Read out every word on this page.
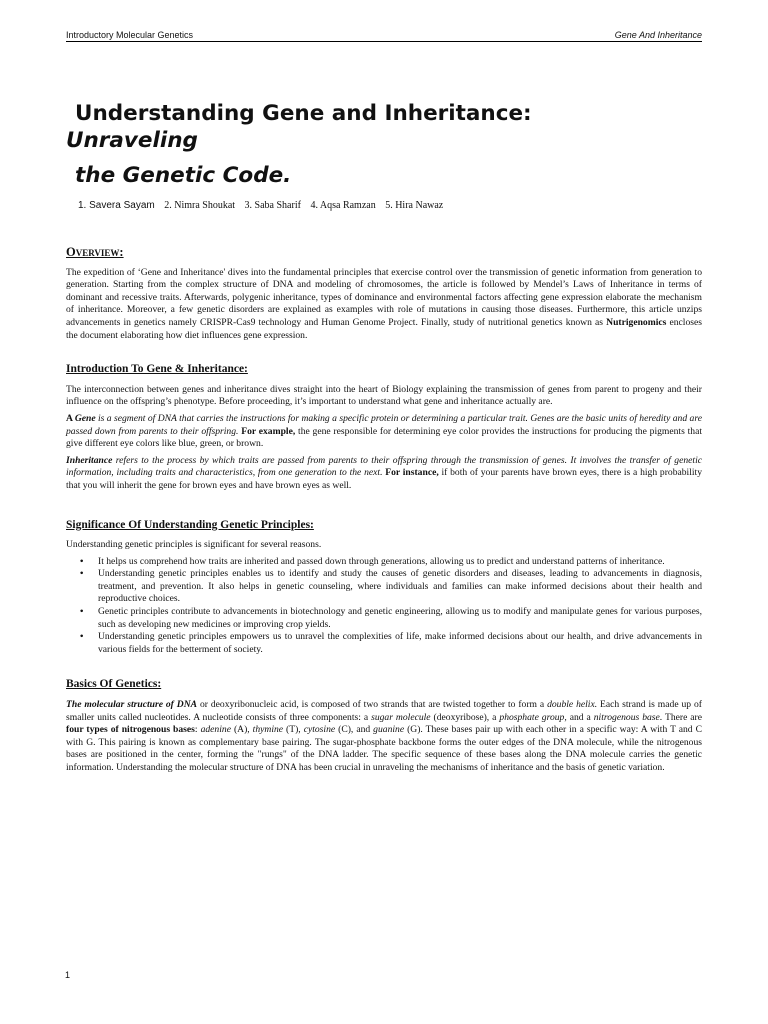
Introductory Molecular Genetics	Gene And Inheritance
Understanding Gene and Inheritance:
Unraveling
the Genetic Code.
1. Savera Sayam 2. Nimra Shoukat 3. Saba Sharif 4. Aqsa Ramzan 5. Hira Nawaz
Overview:

The expedition of ‘Gene and Inheritance' dives into the fundamental principles that exercise control over the transmission of genetic information from generation to generation. Starting from the complex structure of DNA and modeling of chromosomes, the article is followed by Mendel’s Laws of Inheritance in terms of dominant and recessive traits. Afterwards, polygenic inheritance, types of dominance and environmental factors affecting gene expression elaborate the mechanism of inheritance. Moreover, a few genetic disorders are explained as examples with role of mutations in causing those diseases. Furthermore, this article unzips advancements in genetics namely CRISPR-Cas9 technology and Human Genome Project. Finally, study of nutritional genetics known as Nutrigenomics encloses the document elaborating how diet influences gene expression.

Introduction To Gene & Inheritance:

The interconnection between genes and inheritance dives straight into the heart of Biology explaining the transmission of genes from parent to progeny and their influence on the offspring’s phenotype. Before proceeding, it’s important to understand what gene and inheritance actually are.

A Gene is a segment of DNA that carries the instructions for making a specific protein or determining a particular trait. Genes are the basic units of heredity and are passed down from parents to their offspring. For example, the gene responsible for determining eye color provides the instructions for producing the pigments that give different eye colors like blue, green, or brown.

Inheritance refers to the process by which traits are passed from parents to their offspring through the transmission of genes. It involves the transfer of genetic information, including traits and characteristics, from one generation to the next. For instance, if both of your parents have brown eyes, there is a high probability that you will inherit the gene for brown eyes and have brown eyes as well.

Significance Of Understanding Genetic Principles:

Understanding genetic principles is significant for several reasons.

• It helps us comprehend how traits are inherited and passed down through generations, allowing us to predict and understand patterns of inheritance.
• Understanding genetic principles enables us to identify and study the causes of genetic disorders and diseases, leading to advancements in diagnosis, treatment, and prevention. It also helps in genetic counseling, where individuals and families can make informed decisions about their health and reproductive choices.
• Genetic principles contribute to advancements in biotechnology and genetic engineering, allowing us to modify and manipulate genes for various purposes, such as developing new medicines or improving crop yields.
• Understanding genetic principles empowers us to unravel the complexities of life, make informed decisions about our health, and drive advancements in various fields for the betterment of society.
Basics Of Genetics:

The molecular structure of DNA or deoxyribonucleic acid, is composed of two strands that are twisted together to form a double helix. Each strand is made up of smaller units called nucleotides. A nucleotide consists of three components: a sugar molecule (deoxyribose), a phosphate group, and a nitrogenous base. There are four types of nitrogenous bases: adenine (A), thymine (T), cytosine (C), and guanine (G). These bases pair up with each other in a specific way: A with T and C with G. This pairing is known as complementary base pairing. The sugar-phosphate backbone forms the outer edges of the DNA molecule, while the nitrogenous bases are positioned in the center, forming the "rungs" of the DNA ladder. The specific sequence of these bases along the DNA molecule carries the genetic information. Understanding the molecular structure of DNA has been crucial in unraveling the mechanisms of inheritance and the basis of genetic variation.

1
